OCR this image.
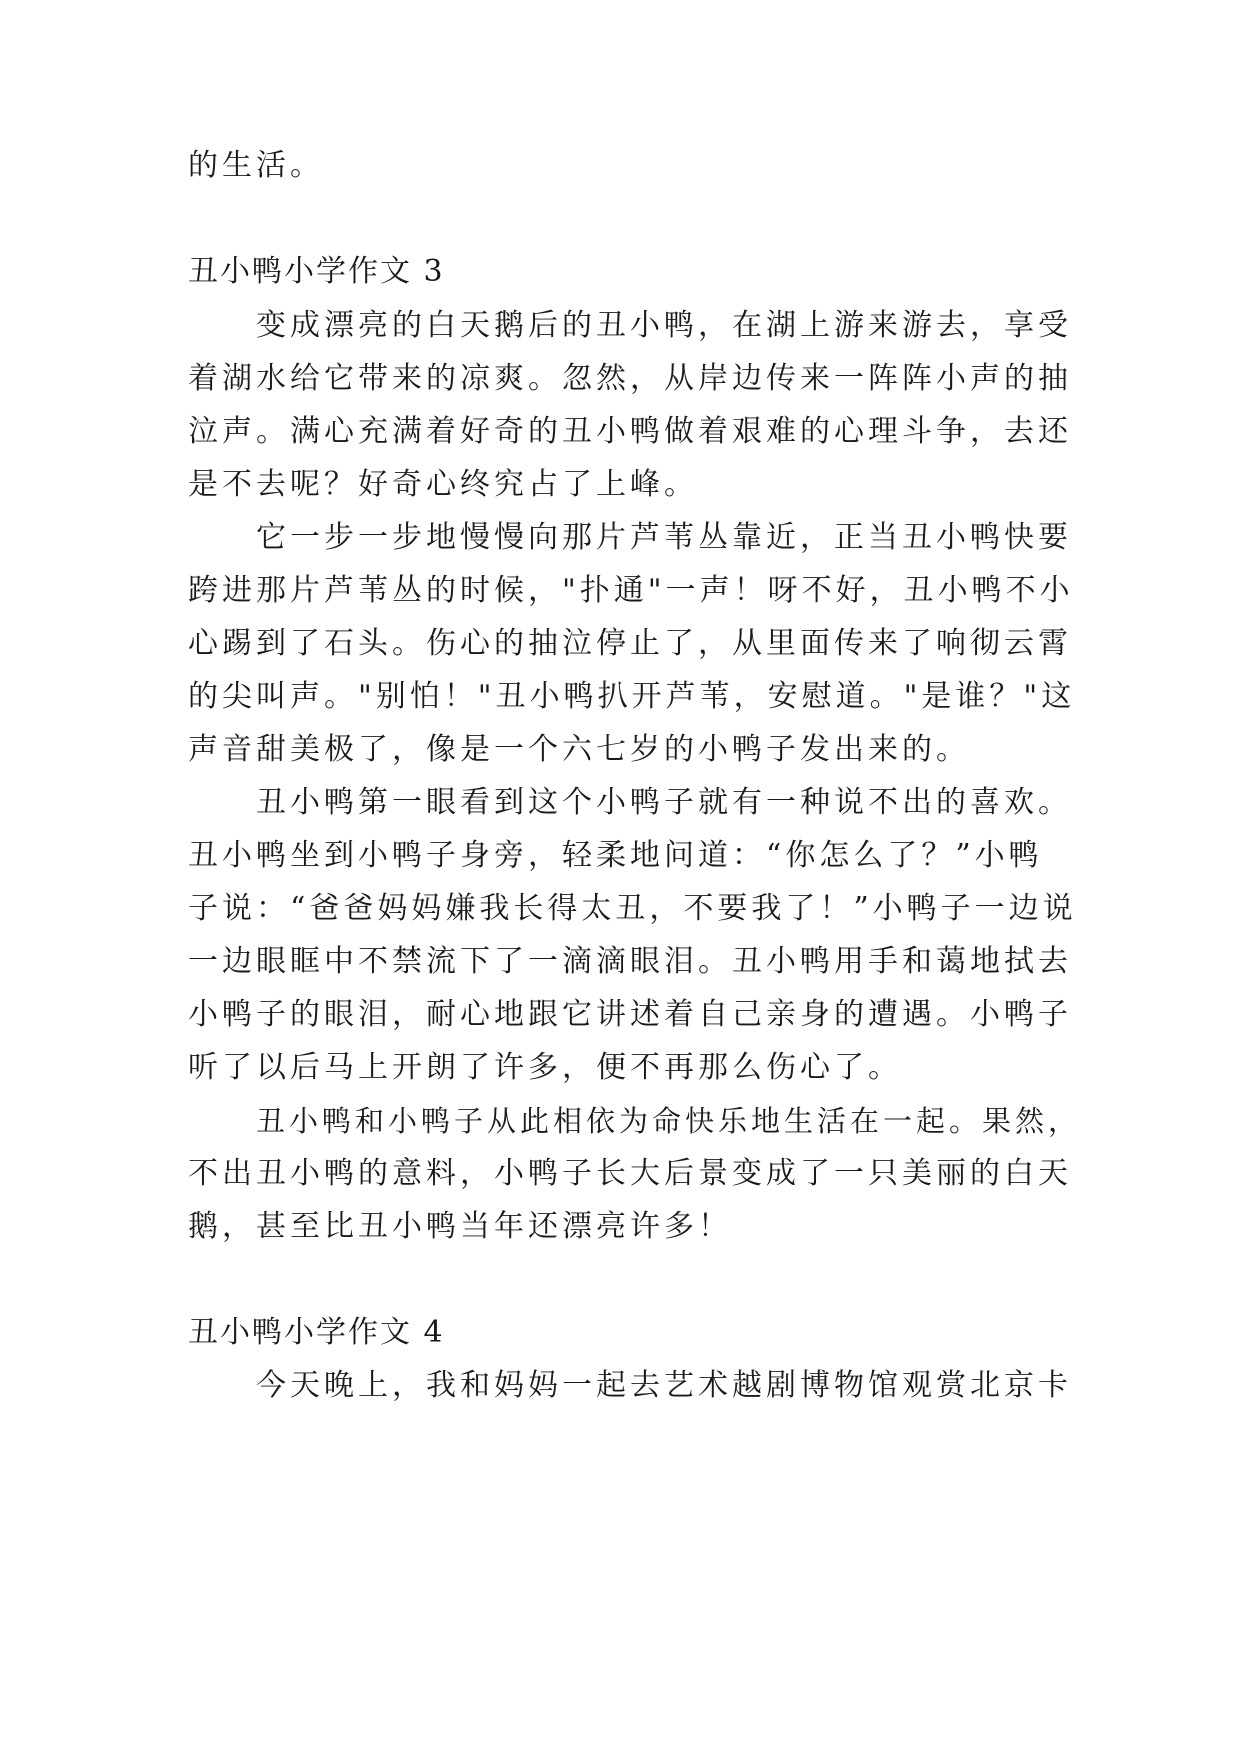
的生活。
丑小鸭小学作文 3
变成漂亮的白天鹅后的丑小鸭，在湖上游来游去，享受
着湖水给它带来的凉爽。忽然，从岸边传来一阵阵小声的抽
泣声。满心充满着好奇的丑小鸭做着艰难的心理斗争，去还
是不去呢？好奇心终究占了上峰。
它一步一步地慢慢向那片芦苇丛靠近，正当丑小鸭快要
跨进那片芦苇丛的时候，"扑通"一声！呀不好，丑小鸭不小
心踢到了石头。伤心的抽泣停止了，从里面传来了响彻云霄
的尖叫声。"别怕！"丑小鸭扒开芦苇，安慰道。"是谁？"这
声音甜美极了，像是一个六七岁的小鸭子发出来的。
丑小鸭第一眼看到这个小鸭子就有一种说不出的喜欢。
丑小鸭坐到小鸭子身旁，轻柔地问道：“你怎么了？”小鸭
子说：“爸爸妈妈嫌我长得太丑，不要我了！”小鸭子一边说
一边眼眶中不禁流下了一滴滴眼泪。丑小鸭用手和蔼地拭去
小鸭子的眼泪，耐心地跟它讲述着自己亲身的遭遇。小鸭子
听了以后马上开朗了许多，便不再那么伤心了。
丑小鸭和小鸭子从此相依为命快乐地生活在一起。果然，
不出丑小鸭的意料，小鸭子长大后景变成了一只美丽的白天
鹅，甚至比丑小鸭当年还漂亮许多！
丑小鸭小学作文 4
今天晚上，我和妈妈一起去艺术越剧博物馆观赏北京卡
